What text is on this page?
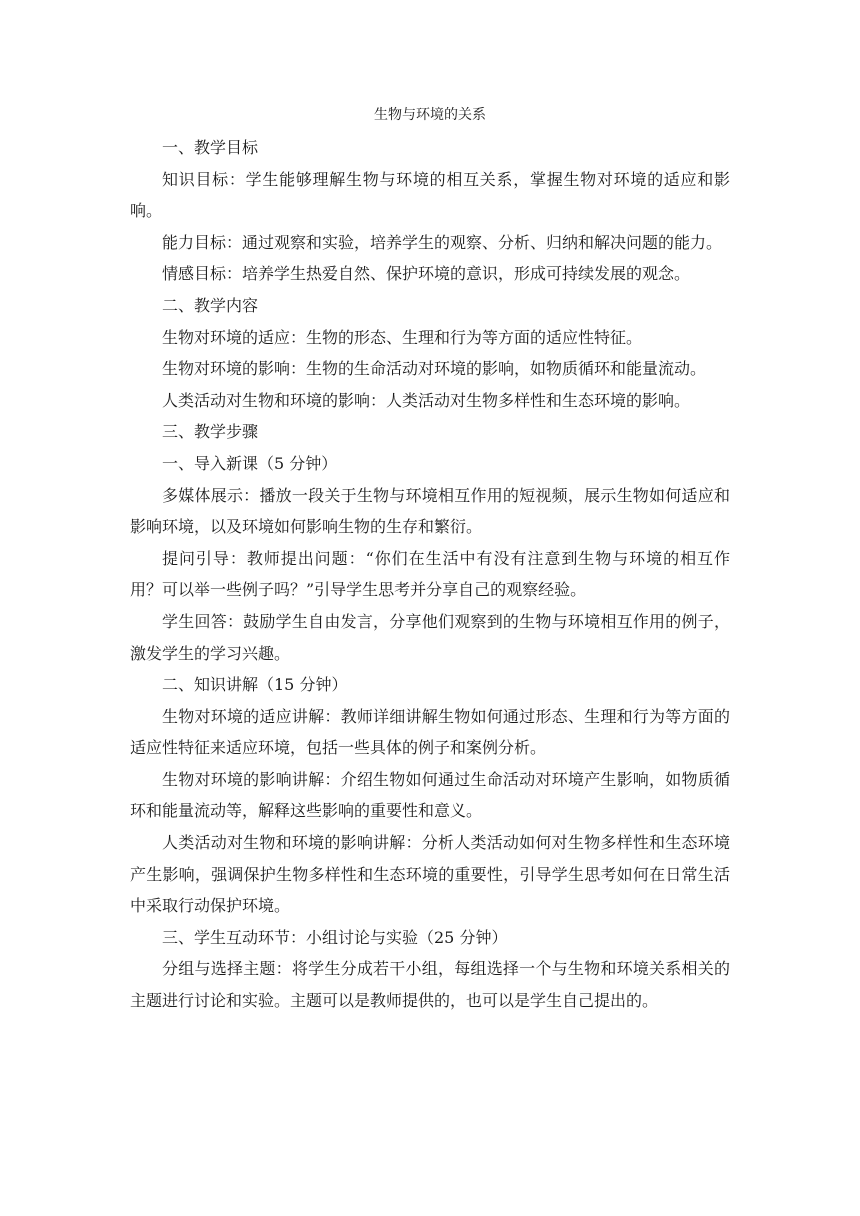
生物与环境的关系

一、教学目标

知识目标：学生能够理解生物与环境的相互关系，掌握生物对环境的适应和影响。

能力目标：通过观察和实验，培养学生的观察、分析、归纳和解决问题的能力。

情感目标：培养学生热爱自然、保护环境的意识，形成可持续发展的观念。

二、教学内容

生物对环境的适应：生物的形态、生理和行为等方面的适应性特征。

生物对环境的影响：生物的生命活动对环境的影响，如物质循环和能量流动。

人类活动对生物和环境的影响：人类活动对生物多样性和生态环境的影响。

三、教学步骤

一、导入新课（5 分钟）

多媒体展示：播放一段关于生物与环境相互作用的短视频，展示生物如何适应和影响环境，以及环境如何影响生物的生存和繁衍。

提问引导：教师提出问题：“你们在生活中有没有注意到生物与环境的相互作用？可以举一些例子吗？”引导学生思考并分享自己的观察经验。

学生回答：鼓励学生自由发言，分享他们观察到的生物与环境相互作用的例子，激发学生的学习兴趣。

二、知识讲解（15 分钟）

生物对环境的适应讲解：教师详细讲解生物如何通过形态、生理和行为等方面的适应性特征来适应环境，包括一些具体的例子和案例分析。

生物对环境的影响讲解：介绍生物如何通过生命活动对环境产生影响，如物质循环和能量流动等，解释这些影响的重要性和意义。

人类活动对生物和环境的影响讲解：分析人类活动如何对生物多样性和生态环境产生影响，强调保护生物多样性和生态环境的重要性，引导学生思考如何在日常生活中采取行动保护环境。

三、学生互动环节：小组讨论与实验（25 分钟）

分组与选择主题：将学生分成若干小组，每组选择一个与生物和环境关系相关的主题进行讨论和实验。主题可以是教师提供的，也可以是学生自己提出的。
